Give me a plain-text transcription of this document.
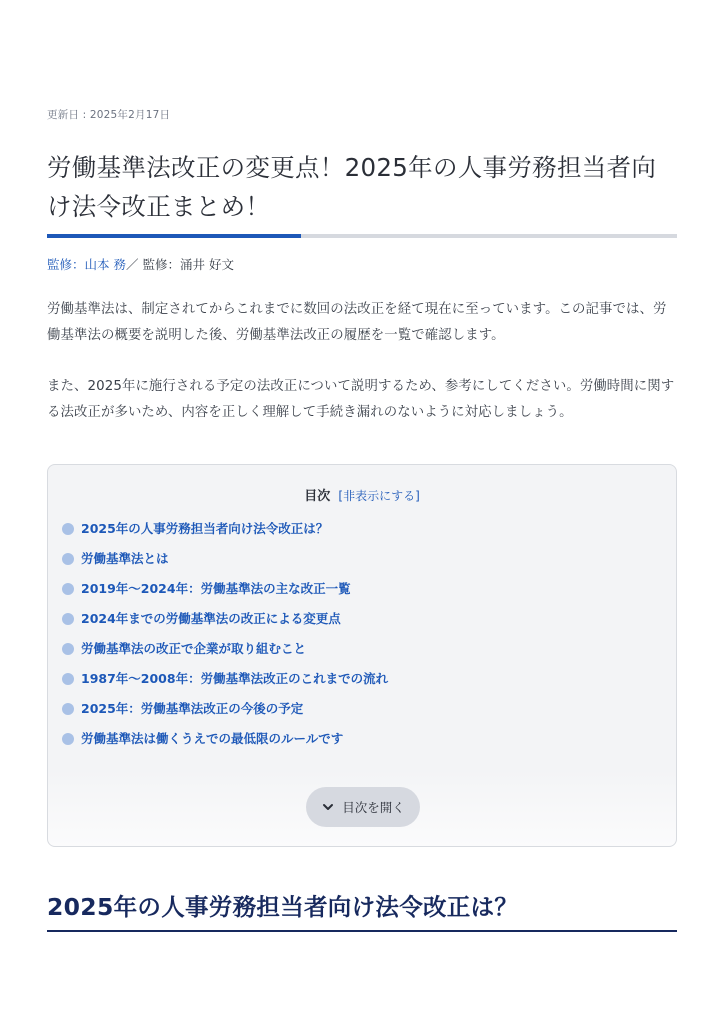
更新日 : 2025年2月17日
労働基準法改正の変更点！2025年の人事労務担当者向け法令改正まとめ！
監修：山本 務／ 監修：涌井 好文

労働基準法は、制定されてからこれまでに数回の法改正を経て現在に至っています。この記事では、労働基準法の概要を説明した後、労働基準法改正の履歴を一覧で確認します。

また、2025年に施行される予定の法改正について説明するため、参考にしてください。労働時間に関する法改正が多いため、内容を正しく理解して手続き漏れのないように対応しましょう。

目次 [非表示にする]
2025年の人事労務担当者向け法令改正は？
労働基準法とは
2019年～2024年：労働基準法の主な改正一覧
2024年までの労働基準法の改正による変更点
労働基準法の改正で企業が取り組むこと
1987年～2008年：労働基準法改正のこれまでの流れ
2025年：労働基準法改正の今後の予定
労働基準法は働くうえでの最低限のルールです
目次を開く
2025年の人事労務担当者向け法令改正は？
